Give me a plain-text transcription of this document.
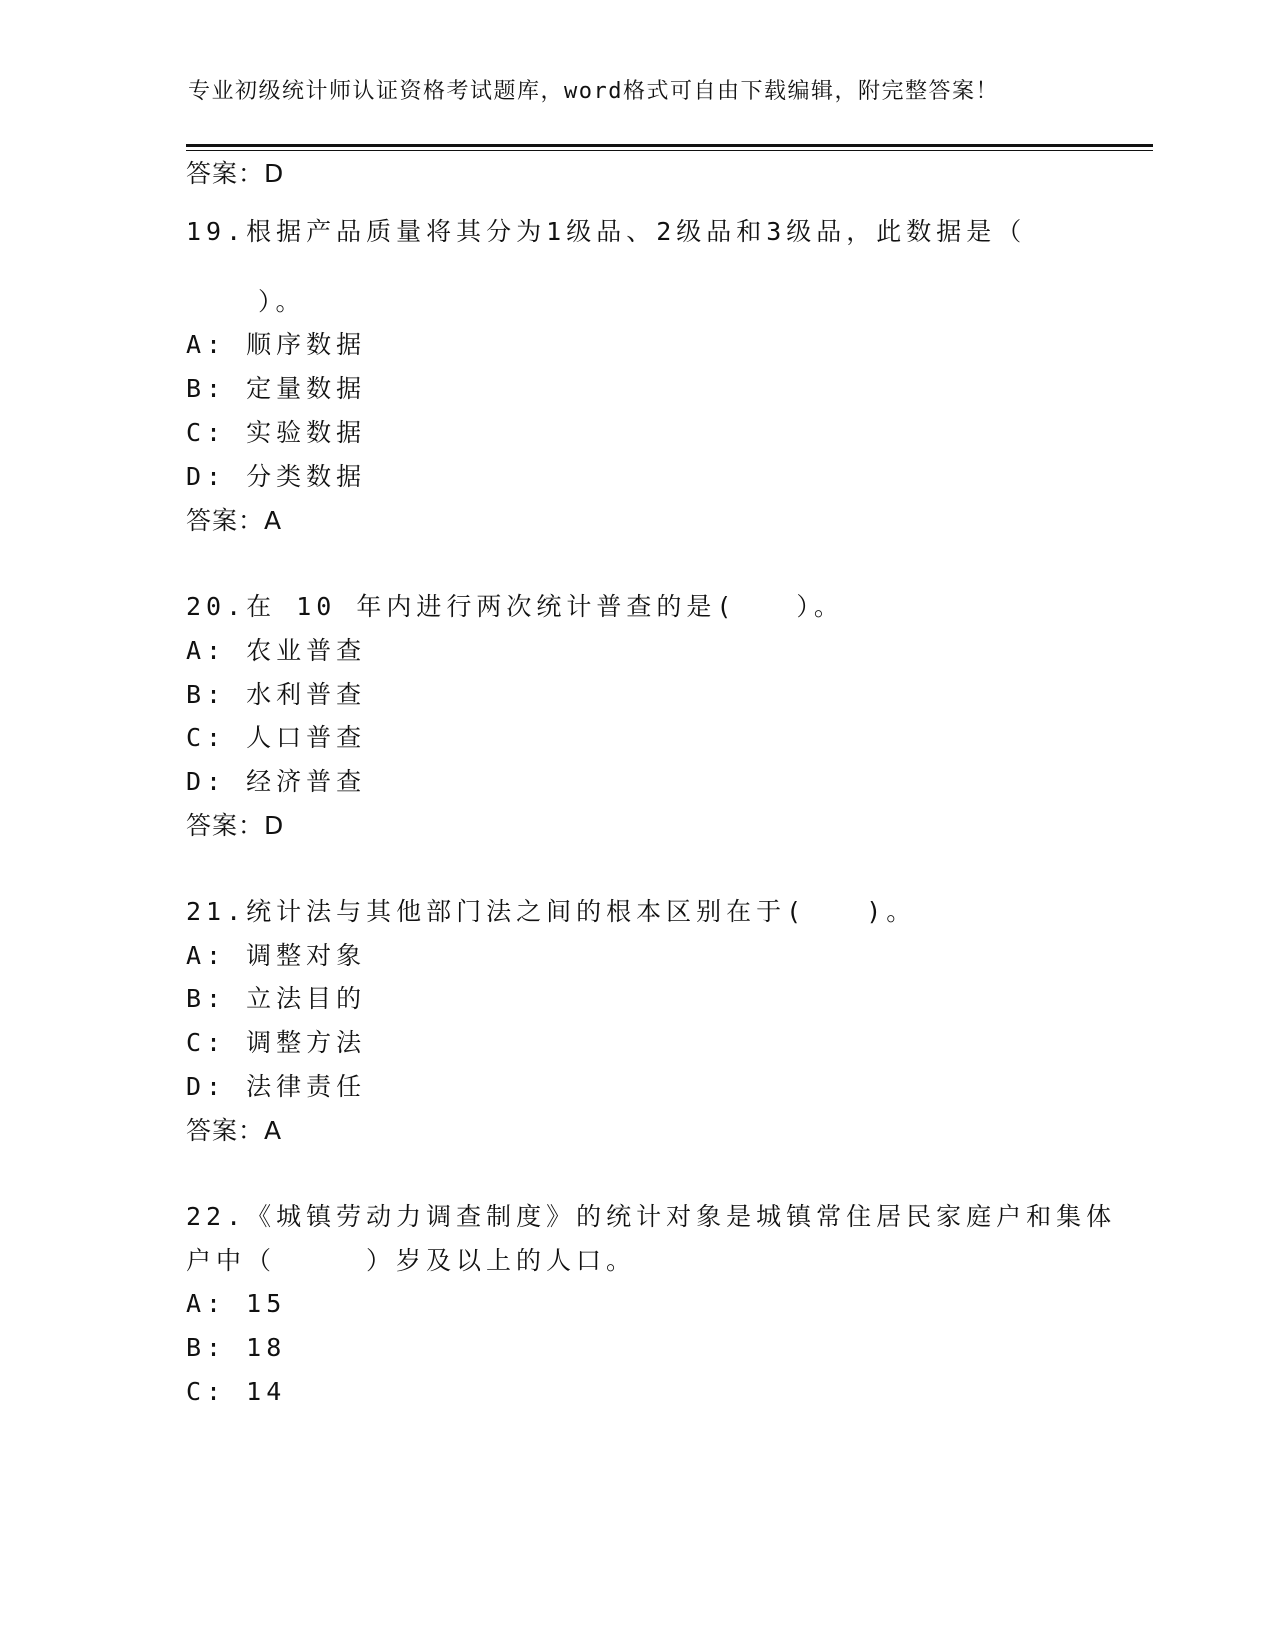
专业初级统计师认证资格考试题库，word格式可自由下载编辑，附完整答案！
答案：D
19.根据产品质量将其分为1级品、2级品和3级品，此数据是（
）。
A: 顺序数据
B: 定量数据
C: 实验数据
D: 分类数据
答案：A
20.在 10 年内进行两次统计普查的是(　　）。
A: 农业普查
B: 水利普查
C: 人口普查
D: 经济普查
答案：D
21.统计法与其他部门法之间的根本区别在于(　　)。
A: 调整对象
B: 立法目的
C: 调整方法
D: 法律责任
答案：A
22.《城镇劳动力调查制度》的统计对象是城镇常住居民家庭户和集体
户中（　　　）岁及以上的人口。
A: 15
B: 18
C: 14
